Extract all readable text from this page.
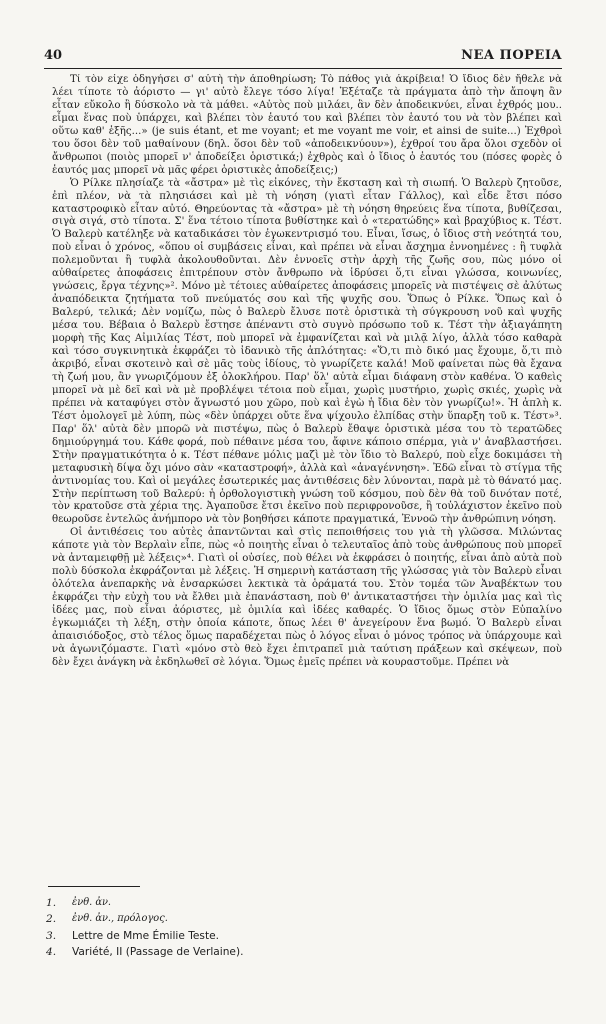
40	ΝΕΑ ΠΟΡΕΙΑ

Τί τὸν εἶχε ὁδηγήσει σ' αὐτὴ τὴν ἀποθηρίωση; Τὸ πάθος γιὰ ἀκρίβεια! Ὁ ἴδιος δὲν ἤθελε νὰ λέει τίποτε τὸ ἀόριστο — γι' αὐτὸ ἔλεγε τόσο λίγα! Ἐξέταζε τὰ πράγματα ἀπὸ τὴν ἄποψη ἂν εἶταν εὔκολο ἢ δύσκολο νὰ τὰ μάθει. «Αὐτὸς ποὺ μιλάει, ἂν δὲν ἀποδεικνύει, εἶναι ἐχθρός μου.. εἶμαι ἕνας ποὺ ὑπάρχει, καὶ βλέπει τὸν ἑαυτό του καὶ βλέπει τὸν ἑαυτό του νὰ τὸν βλέπει καὶ οὕτω καθ' ἑξῆς...» (je suis étant, et me voyant; et me voyant me voir, et ainsi de suite...) Ἐχθροὶ του ὅσοι δὲν τοῦ μαθαίνουν (δηλ. ὅσοι δὲν τοῦ «ἀποδεικνύουν»), ἐχθροί του ἄρα ὅλοι σχεδὸν οἱ ἄνθρωποι (ποιὸς μπορεῖ ν' ἀποδείξει ὁριστικά;) ἐχθρὸς καὶ ὁ ἴδιος ὁ ἑαυτός του (πόσες φορὲς ὁ ἑαυτός μας μπορεῖ νὰ μᾶς φέρει ὁριστικὲς ἀποδείξεις;)

Ὁ Ρίλκε πλησίαζε τὰ «ἄστρα» μὲ τὶς εἰκόνες, τὴν ἔκσταση καὶ τὴ σιωπή. Ὁ Βαλερὺ ζητοῦσε, ἐπὶ πλέον, νὰ τὰ πλησιάσει καὶ μὲ τὴ νόηση (γιατὶ εἶταν Γάλλος), καὶ εἶδε ἔτσι πόσο καταστροφικὸ εἶταν αὐτό. Θηρεύοντας τὰ «ἄστρα» μὲ τὴ νόηση θηρεύεις ἕνα τίποτα, βυθίζεσαι, σιγὰ σιγά, στὸ τίποτα. Σ' ἕνα τέτοιο τίποτα βυθίστηκε καὶ ὁ «τερατώδης» καὶ βραχύβιος κ. Τέστ. Ὁ Βαλερὺ κατέληξε νὰ καταδικάσει τὸν ἐγωκεντρισμό του. Εἶναι, ἴσως, ὁ ἴδιος στὴ νεότητά του, ποὺ εἶναι ὁ χρόνος, «ὅπου οἱ συμβάσεις εἶναι, καὶ πρέπει νὰ εἶναι ἄσχημα ἐννοημένες : ἢ τυφλὰ πολεμοῦνται ἢ τυφλὰ ἀκολουθοῦνται. Δὲν ἐννοεῖς στὴν ἀρχὴ τῆς ζωῆς σου, πὼς μόνο οἱ αὐθαίρετες ἀποφάσεις ἐπιτρέπουν στὸν ἄνθρωπο νὰ ἱδρύσει ὅ,τι εἶναι γλώσσα, κοινωνίες, γνώσεις, ἔργα τέχνης»². Μόνο μὲ τέτοιες αὐθαίρετες ἀποφάσεις μπορεῖς νὰ πιστέψεις σὲ ἀλύτως ἀναπόδεικτα ζητήματα τοῦ πνεύματός σου καὶ τῆς ψυχῆς σου. Ὅπως ὁ Ρίλκε. Ὅπως καὶ ὁ Βαλερύ, τελικά; Δὲν νομίζω, πὼς ὁ Βαλερὺ ἔλυσε ποτὲ ὁριστικὰ τὴ σύγκρουση νοῦ καὶ ψυχῆς μέσα του. Βέβαια ὁ Βαλερὺ ἔστησε ἀπέναντι στὸ συγνὸ πρόσωπο τοῦ κ. Τέστ τὴν ἀξιαγάπητη μορφὴ τῆς Κας Αἰμιλίας Τέστ, ποὺ μπορεῖ νὰ ἐμφανίζεται καὶ νὰ μιλᾷ λίγο, ἀλλὰ τόσο καθαρὰ καὶ τόσο συγκινητικὰ ἐκφράζει τὸ ἰδανικὸ τῆς ἁπλότητας: «Ὅ,τι πιὸ δικό μας ἔχουμε, ὅ,τι πιὸ ἀκριβό, εἶναι σκοτεινὸ καὶ σὲ μᾶς τοὺς ἰδίους, τὸ γνωρίζετε καλά! Μοῦ φαίνεται πὼς θὰ ἔχανα τὴ ζωή μου, ἂν γνωριζόμουν ἐξ ὁλοκλήρου. Παρ' ὅλ' αὐτὰ εἶμαι διάφανη στὸν καθένα. Ὁ καθεὶς μπορεῖ νὰ μὲ δεῖ καὶ νὰ μὲ προβλέψει τέτοια ποὺ εἶμαι, χωρὶς μυστήριο, χωρὶς σκιές, χωρὶς νὰ πρέπει νὰ καταφύγει στὸν ἄγνωστό μου χῶρο, ποὺ καὶ ἐγὼ ἡ ἴδια δὲν τὸν γνωρίζω!». Ἡ ἁπλὴ κ. Τέστ ὁμολογεῖ μὲ λύπη, πὼς «δὲν ὑπάρχει οὔτε ἕνα ψίχουλο ἐλπίδας στὴν ὕπαρξη τοῦ κ. Τέστ»³. Παρ' ὅλ' αὐτὰ δὲν μπορῶ νὰ πιστέψω, πὼς ὁ Βαλερὺ ἔθαψε ὁριστικὰ μέσα του τὸ τερατῶδες δημιούργημά του. Κάθε φορά, ποὺ πέθαινε μέσα του, ἄφινε κάποιο σπέρμα, γιὰ ν' ἀναβλαστήσει. Στὴν πραγματικότητα ὁ κ. Τέστ πέθανε μόλις μαζὶ μὲ τὸν ἴδιο τὸ Βαλερύ, ποὺ εἶχε δοκιμάσει τὴ μεταφυσικὴ δίψα ὄχι μόνο σὰν «καταστροφή», ἀλλὰ καὶ «ἀναγέννηση». Ἐδῶ εἶναι τὸ στίγμα τῆς ἀντινομίας του. Καὶ οἱ μεγάλες ἐσωτερικές μας ἀντιθέσεις δὲν λύνονται, παρὰ μὲ τὸ θάνατό μας. Στὴν περίπτωση τοῦ Βαλερύ: ἡ ὀρθολογιστικὴ γνώση τοῦ κόσμου, ποὺ δὲν θὰ τοῦ δινόταν ποτέ, τὸν κρατοῦσε στὰ χέρια της. Ἀγαποῦσε ἔτσι ἐκεῖνο ποὺ περιφρονοῦσε, ἢ τοὐλάχιστον ἐκεῖνο ποὺ θεωροῦσε ἐντελῶς ἀνήμπορο νὰ τὸν βοηθήσει κάποτε πραγματικά, Ἐννοῶ τὴν ἀνθρώπινη νόηση.

Οἱ ἀντιθέσεις του αὐτὲς ἀπαντῶνται καὶ στὶς πεποιθήσεις του γιὰ τὴ γλῶσσα. Μιλώντας κάποτε γιὰ τὸν Βερλαὶν εἶπε, πὼς «ὁ ποιητὴς εἶναι ὁ τελευταῖος ἀπὸ τοὺς ἀνθρώπους ποὺ μπορεῖ νὰ ἀνταμειφθῇ μὲ λέξεις»⁴. Γιατὶ οἱ οὐσίες, ποὺ θέλει νὰ ἐκφράσει ὁ ποιητής, εἶναι ἀπὸ αὐτὰ ποὺ πολὺ δύσκολα ἐκφράζονται μὲ λέξεις. Ἡ σημερινὴ κατάσταση τῆς γλώσσας γιὰ τὸν Βαλερὺ εἶναι ὁλότελα ἀνεπαρκὴς νὰ ἐνσαρκώσει λεκτικὰ τὰ ὁράματά του. Στὸν τομέα τῶν Ἀναβέκτων του ἐκφράζει τὴν εὐχὴ του νὰ ἔλθει μιὰ ἐπανάσταση, ποὺ θ' ἀντικαταστήσει τὴν ὁμιλία μας καὶ τὶς ἰδέες μας, ποὺ εἶναι ἀόριστες, μὲ ὁμιλία καὶ ἰδέες καθαρές. Ὁ ἴδιος ὅμως στὸν Εὐπαλίνο ἐγκωμιάζει τὴ λέξη, στὴν ὁποία κάποτε, ὅπως λέει θ' ἀνεγείρουν ἕνα βωμό. Ὁ Βαλερὺ εἶναι ἀπαισιόδοξος, στὸ τέλος ὅμως παραδέχεται πὼς ὁ λόγος εἶναι ὁ μόνος τρόπος νὰ ὑπάρχουμε καὶ νὰ ἀγωνιζόμαστε. Γιατὶ «μόνο στὸ θεὸ ἔχει ἐπιτραπεῖ μιὰ ταύτιση πράξεων καὶ σκέψεων, ποὺ δὲν ἔχει ἀνάγκη νὰ ἐκδηλωθεῖ σὲ λόγια. Ὅμως ἐμεῖς πρέπει νὰ κουραστοῦμε. Πρέπει νὰ

1.	ἐνθ. ἀν.
2.	ἐνθ. ἀν., πρόλογος.
3.	Lettre de Mme Émilie Teste.
4.	Variété, II (Passage de Verlaine).
